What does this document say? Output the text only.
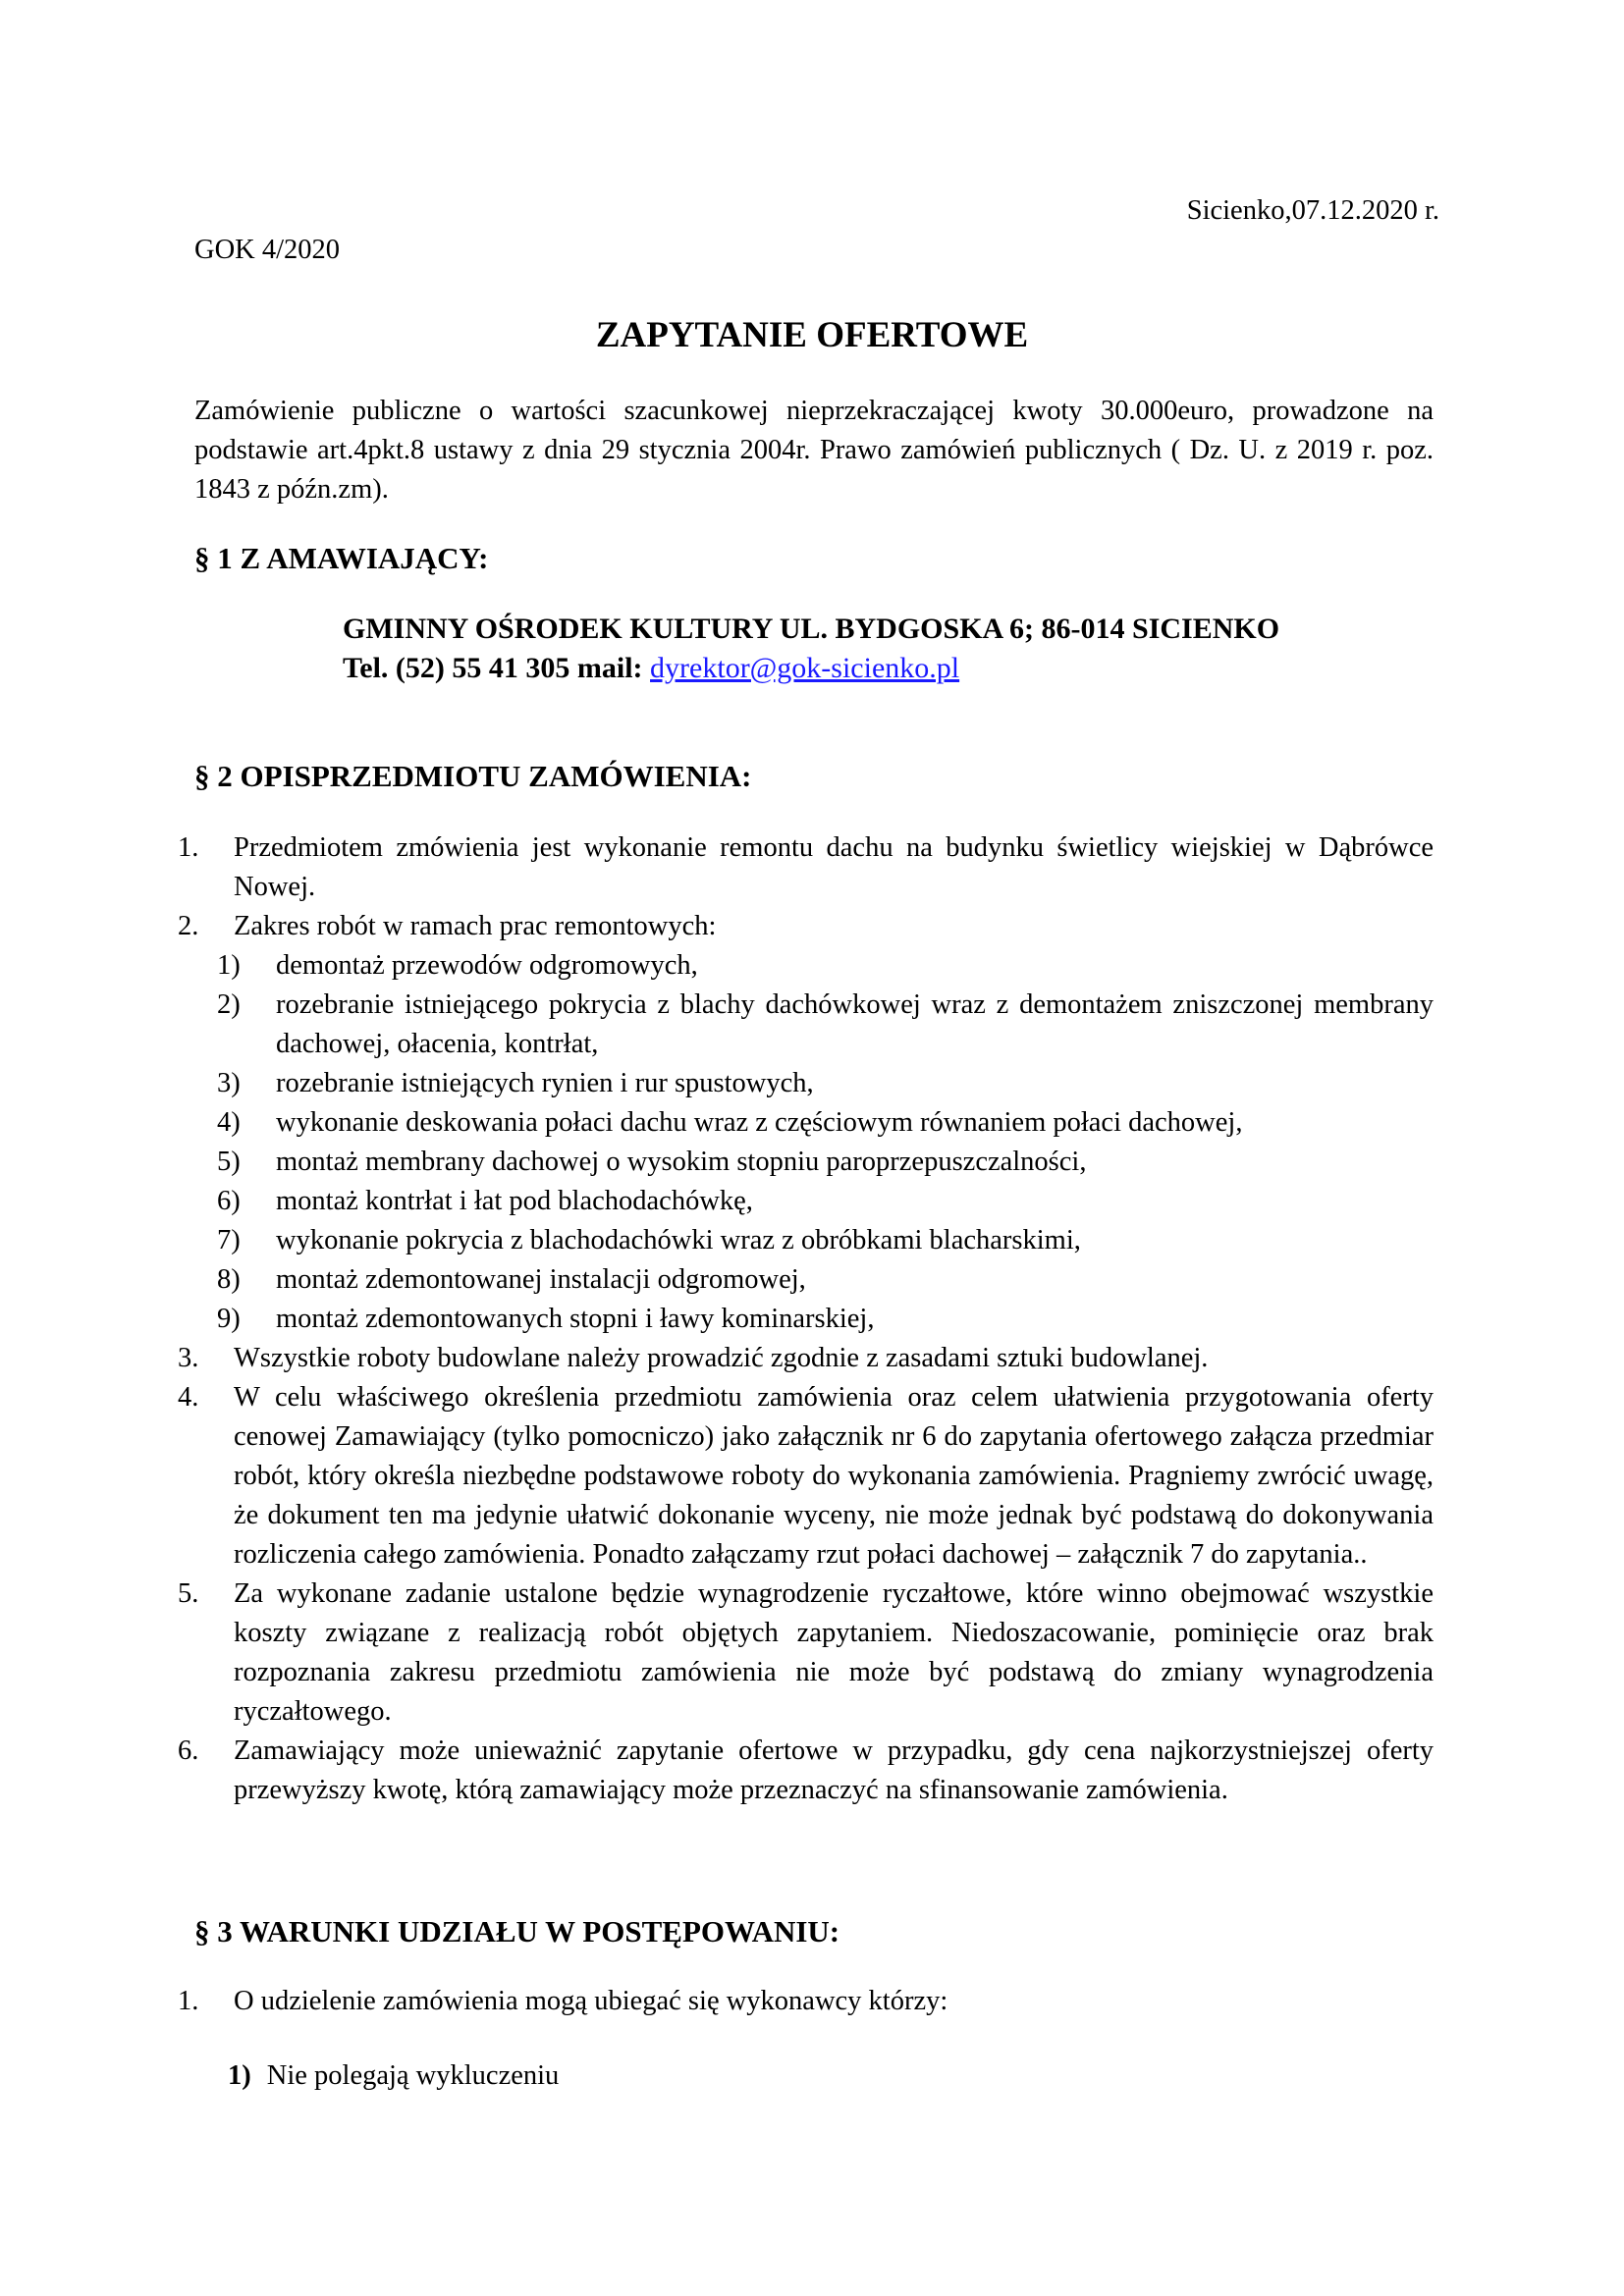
Sicienko,07.12.2020 r.
GOK 4/2020
ZAPYTANIE OFERTOWE
Zamówienie publiczne o wartości szacunkowej nieprzekraczającej kwoty 30.000euro, prowadzone na podstawie art.4pkt.8 ustawy z dnia 29 stycznia 2004r. Prawo zamówień publicznych ( Dz. U. z 2019 r. poz. 1843 z późn.zm).
§ 1 Z AMAWIAJĄCY:
GMINNY OŚRODEK KULTURY UL. BYDGOSKA 6; 86-014 SICIENKO
Tel. (52) 55 41 305 mail: dyrektor@gok-sicienko.pl
§ 2 OPISPRZEDMIOTU ZAMÓWIENIA:
1. Przedmiotem zmówienia jest wykonanie remontu dachu na budynku świetlicy wiejskiej w Dąbrówce Nowej.
2. Zakres robót w ramach prac remontowych:
1) demontaż przewodów odgromowych,
2) rozebranie istniejącego pokrycia z blachy dachówkowej wraz z demontażem zniszczonej membrany dachowej, ołacenia, kontrłat,
3) rozebranie istniejących rynien i rur spustowych,
4) wykonanie deskowania połaci dachu wraz z częściowym równaniem połaci dachowej,
5) montaż membrany dachowej o wysokim stopniu paroprzepuszczalności,
6) montaż kontrłat i łat pod blachodachówkę,
7) wykonanie pokrycia z blachodachówki wraz z obróbkami blacharskimi,
8) montaż zdemontowanej instalacji odgromowej,
9) montaż zdemontowanych stopni i ławy kominarskiej,
3. Wszystkie roboty budowlane należy prowadzić zgodnie z zasadami sztuki budowlanej.
4. W celu właściwego określenia przedmiotu zamówienia oraz celem ułatwienia przygotowania oferty cenowej Zamawiający (tylko pomocniczo) jako załącznik nr 6 do zapytania ofertowego załącza przedmiar robót, który określa niezbędne podstawowe roboty do wykonania zamówienia. Pragniemy zwrócić uwagę, że dokument ten ma jedynie ułatwić dokonanie wyceny, nie może jednak być podstawą do dokonywania rozliczenia całego zamówienia. Ponadto załączamy rzut połaci dachowej – załącznik 7 do zapytania..
5. Za wykonane zadanie ustalone będzie wynagrodzenie ryczałtowe, które winno obejmować wszystkie koszty związane z realizacją robót objętych zapytaniem. Niedoszacowanie, pominięcie oraz brak rozpoznania zakresu przedmiotu zamówienia nie może być podstawą do zmiany wynagrodzenia ryczałtowego.
6. Zamawiający może unieważnić zapytanie ofertowe w przypadku, gdy cena najkorzystniejszej oferty przewyższy kwotę, którą zamawiający może przeznaczyć na sfinansowanie zamówienia.
§ 3 WARUNKI UDZIAŁU W POSTĘPOWANIU:
1. O udzielenie zamówienia mogą ubiegać się wykonawcy którzy:
1) Nie polegają wykluczeniu
